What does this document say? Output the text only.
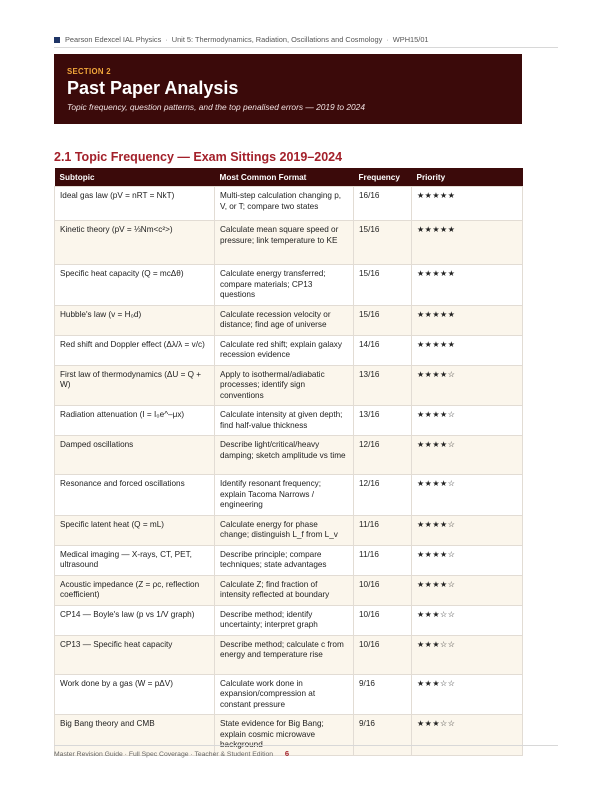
Pearson Edexcel IAL Physics · Unit 5: Thermodynamics, Radiation, Oscillations and Cosmology · WPH15/01
SECTION 2
Past Paper Analysis
Topic frequency, question patterns, and the top penalised errors — 2019 to 2024
2.1 Topic Frequency — Exam Sittings 2019–2024
Subtopic	Most Common Format	Frequency	Priority
Ideal gas law (pV = nRT = NkT)	Multi-step calculation changing p, V, or T; compare two states	16/16	★★★★★
Kinetic theory (pV = ⅓Nm<c²>)	Calculate mean square speed or pressure; link temperature to KE	15/16	★★★★★
Specific heat capacity (Q = mcΔθ)	Calculate energy transferred; compare materials; CP13 questions	15/16	★★★★★
Hubble's law (v = H₀d)	Calculate recession velocity or distance; find age of universe	15/16	★★★★★
Red shift and Doppler effect (Δλ/λ = v/c)	Calculate red shift; explain galaxy recession evidence	14/16	★★★★★
First law of thermodynamics (ΔU = Q + W)	Apply to isothermal/adiabatic processes; identify sign conventions	13/16	★★★★☆
Radiation attenuation (I = I₀e^–μx)	Calculate intensity at given depth; find half-value thickness	13/16	★★★★☆
Damped oscillations	Describe light/critical/heavy damping; sketch amplitude vs time	12/16	★★★★☆
Resonance and forced oscillations	Identify resonant frequency; explain Tacoma Narrows / engineering	12/16	★★★★☆
Specific latent heat (Q = mL)	Calculate energy for phase change; distinguish L_f from L_v	11/16	★★★★☆
Medical imaging — X-rays, CT, PET, ultrasound	Describe principle; compare techniques; state advantages	11/16	★★★★☆
Acoustic impedance (Z = ρc, reflection coefficient)	Calculate Z; find fraction of intensity reflected at boundary	10/16	★★★★☆
CP14 — Boyle's law (p vs 1/V graph)	Describe method; identify uncertainty; interpret graph	10/16	★★★☆☆
CP13 — Specific heat capacity	Describe method; calculate c from energy and temperature rise	10/16	★★★☆☆
Work done by a gas (W = pΔV)	Calculate work done in expansion/compression at constant pressure	9/16	★★★☆☆
Big Bang theory and CMB	State evidence for Big Bang; explain cosmic microwave background	9/16	★★★☆☆
Master Revision Guide · Full Spec Coverage · Teacher & Student Edition 6
